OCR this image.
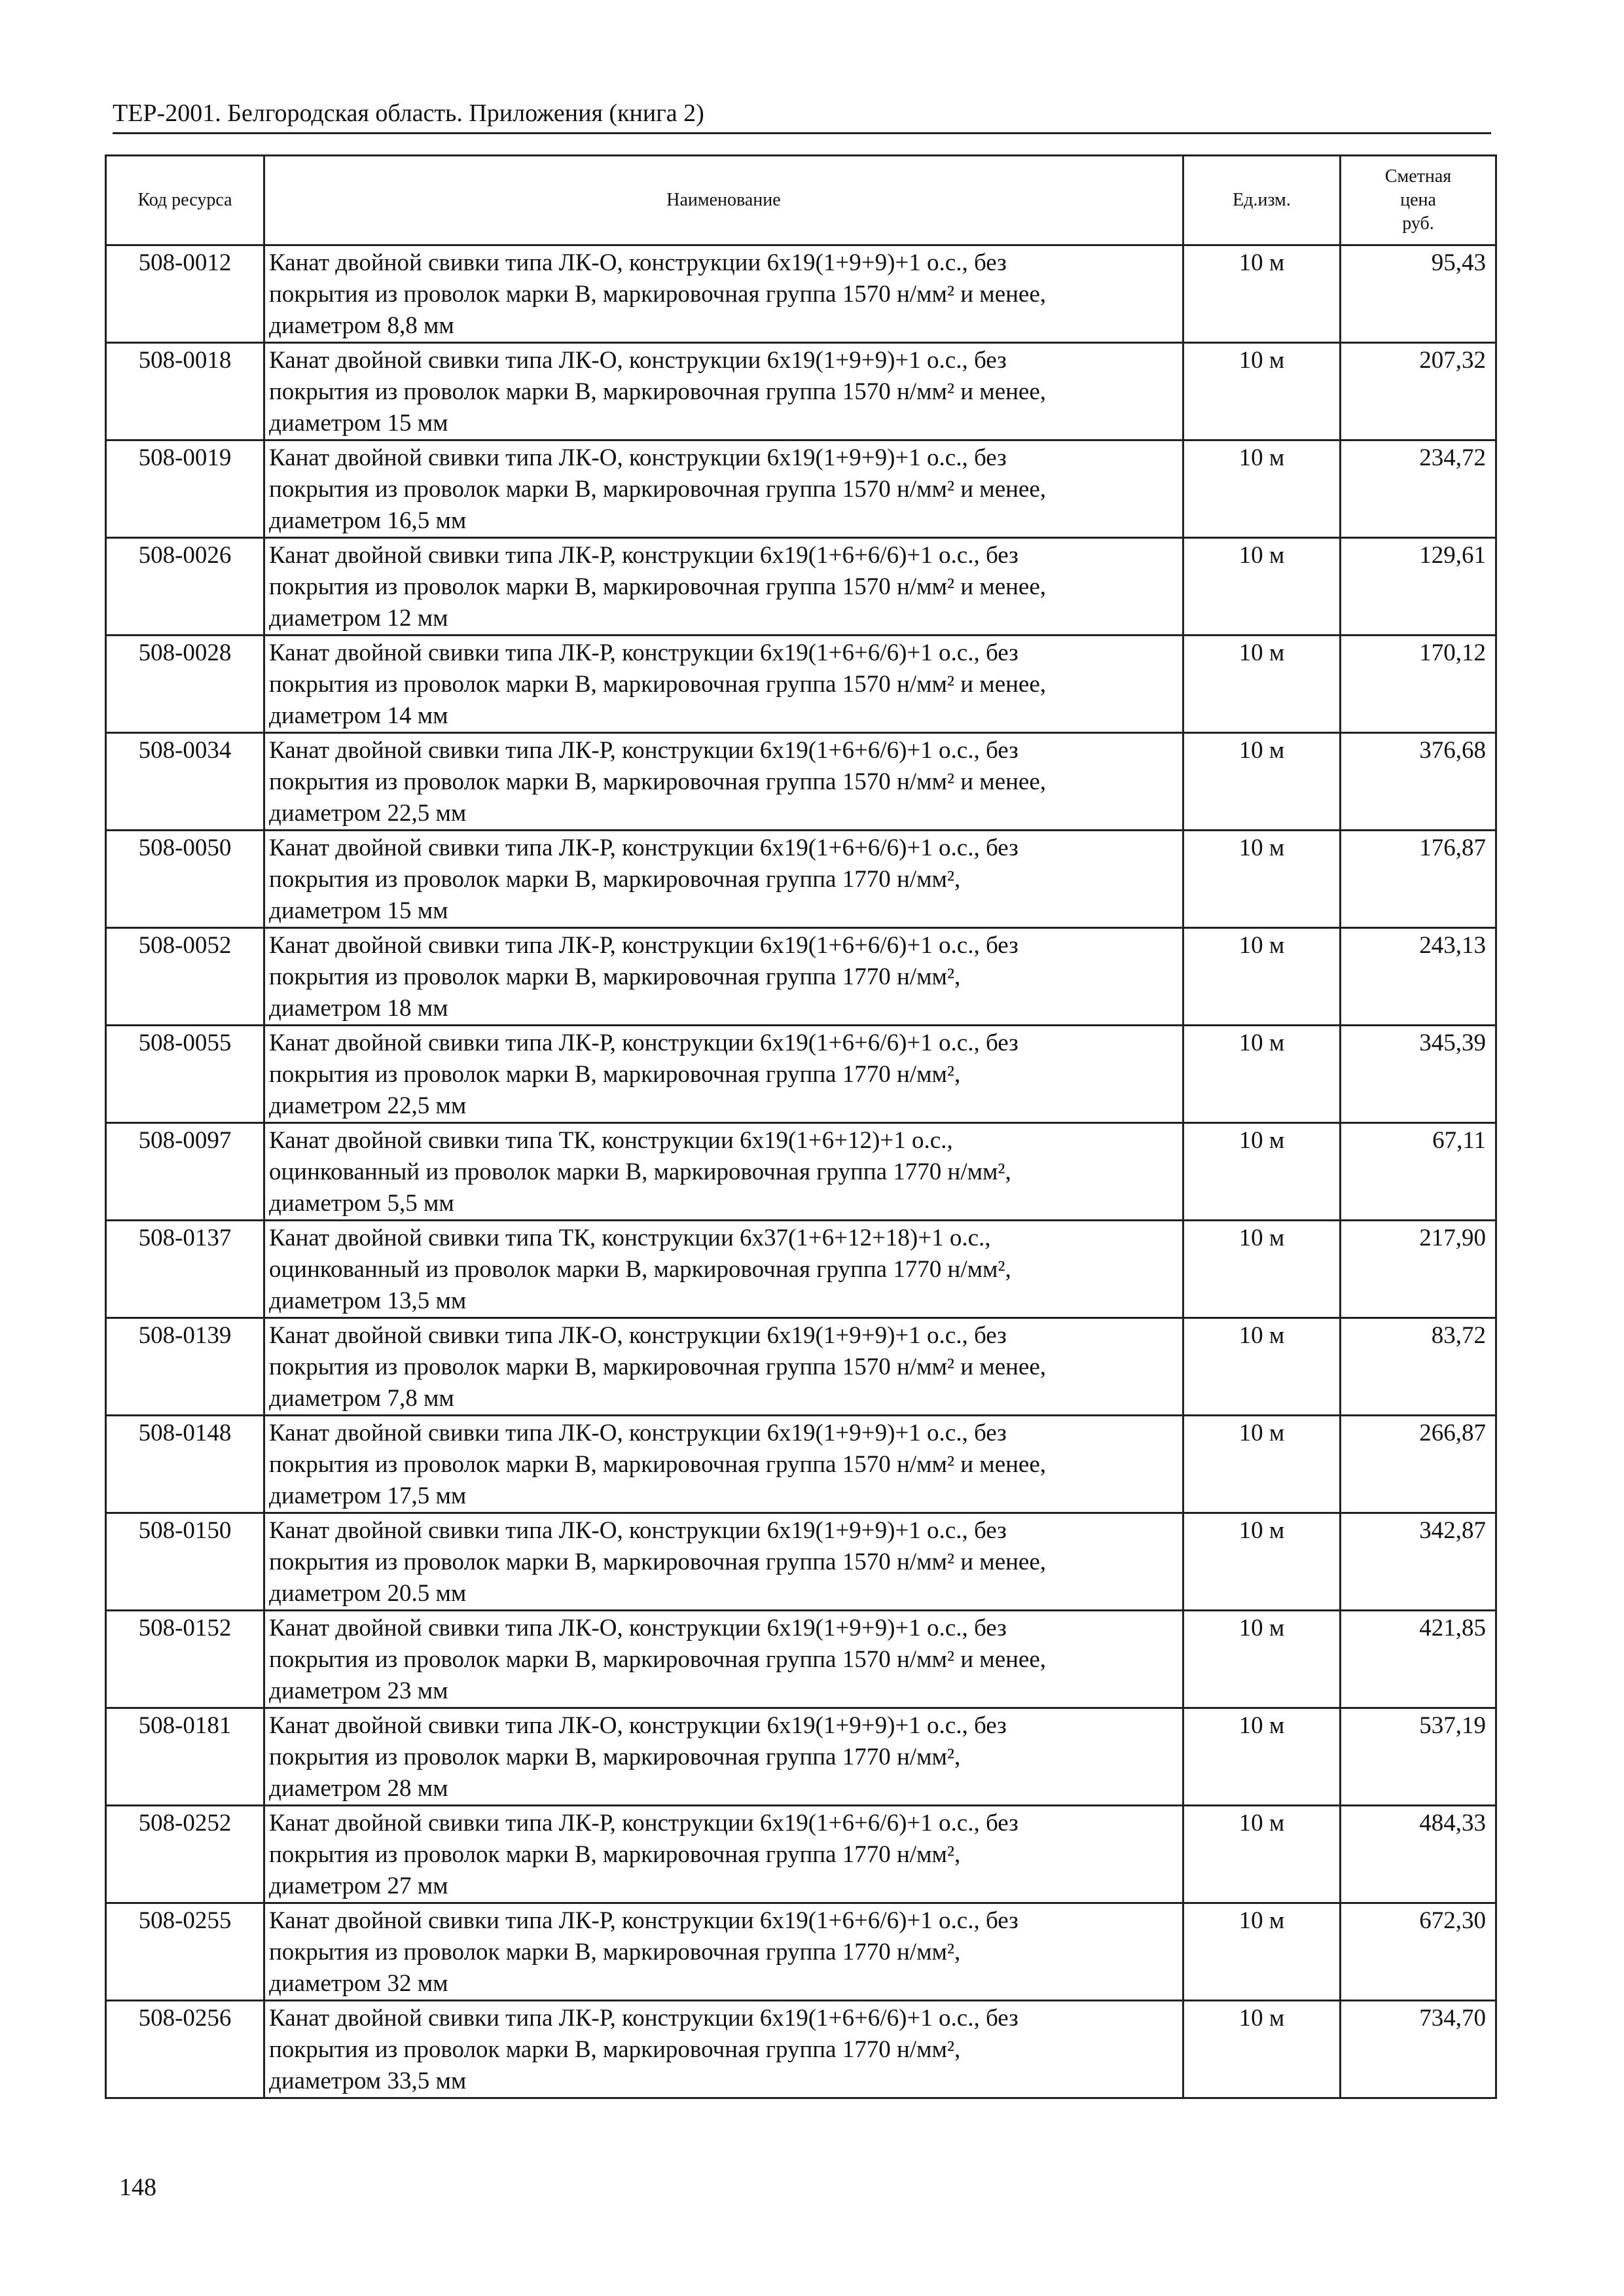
ТЕР-2001. Белгородская область. Приложения (книга 2)
Код ресурса	Наименование	Ед.изм.	Сметная
цена
руб.

508-0012	Канат двойной свивки типа ЛК-О, конструкции 6х19(1+9+9)+1 о.с., без
покрытия из проволок марки В, маркировочная группа 1570 н/мм² и менее,
диаметром 8,8 мм	10 м	95,43
508-0018	Канат двойной свивки типа ЛК-О, конструкции 6х19(1+9+9)+1 о.с., без
покрытия из проволок марки В, маркировочная группа 1570 н/мм² и менее,
диаметром 15 мм	10 м	207,32
508-0019	Канат двойной свивки типа ЛК-О, конструкции 6х19(1+9+9)+1 о.с., без
покрытия из проволок марки В, маркировочная группа 1570 н/мм² и менее,
диаметром 16,5 мм	10 м	234,72
508-0026	Канат двойной свивки типа ЛК-Р, конструкции 6х19(1+6+6/6)+1 о.с., без
покрытия из проволок марки В, маркировочная группа 1570 н/мм² и менее,
диаметром 12 мм	10 м	129,61
508-0028	Канат двойной свивки типа ЛК-Р, конструкции 6х19(1+6+6/6)+1 о.с., без
покрытия из проволок марки В, маркировочная группа 1570 н/мм² и менее,
диаметром 14 мм	10 м	170,12
508-0034	Канат двойной свивки типа ЛК-Р, конструкции 6х19(1+6+6/6)+1 о.с., без
покрытия из проволок марки В, маркировочная группа 1570 н/мм² и менее,
диаметром 22,5 мм	10 м	376,68
508-0050	Канат двойной свивки типа ЛК-Р, конструкции 6х19(1+6+6/6)+1 о.с., без
покрытия из проволок марки В, маркировочная группа 1770 н/мм²,
диаметром 15 мм	10 м	176,87
508-0052	Канат двойной свивки типа ЛК-Р, конструкции 6х19(1+6+6/6)+1 о.с., без
покрытия из проволок марки В, маркировочная группа 1770 н/мм²,
диаметром 18 мм	10 м	243,13
508-0055	Канат двойной свивки типа ЛК-Р, конструкции 6х19(1+6+6/6)+1 о.с., без
покрытия из проволок марки В, маркировочная группа 1770 н/мм²,
диаметром 22,5 мм	10 м	345,39
508-0097	Канат двойной свивки типа ТК, конструкции 6х19(1+6+12)+1 о.с.,
оцинкованный из проволок марки В, маркировочная группа 1770 н/мм²,
диаметром 5,5 мм	10 м	67,11
508-0137	Канат двойной свивки типа ТК, конструкции 6х37(1+6+12+18)+1 о.с.,
оцинкованный из проволок марки В, маркировочная группа 1770 н/мм²,
диаметром 13,5 мм	10 м	217,90
508-0139	Канат двойной свивки типа ЛК-О, конструкции 6х19(1+9+9)+1 о.с., без
покрытия из проволок марки В, маркировочная группа 1570 н/мм² и менее,
диаметром 7,8 мм	10 м	83,72
508-0148	Канат двойной свивки типа ЛК-О, конструкции 6х19(1+9+9)+1 о.с., без
покрытия из проволок марки В, маркировочная группа 1570 н/мм² и менее,
диаметром 17,5 мм	10 м	266,87
508-0150	Канат двойной свивки типа ЛК-О, конструкции 6х19(1+9+9)+1 о.с., без
покрытия из проволок марки В, маркировочная группа 1570 н/мм² и менее,
диаметром 20.5 мм	10 м	342,87
508-0152	Канат двойной свивки типа ЛК-О, конструкции 6х19(1+9+9)+1 о.с., без
покрытия из проволок марки В, маркировочная группа 1570 н/мм² и менее,
диаметром 23 мм	10 м	421,85
508-0181	Канат двойной свивки типа ЛК-О, конструкции 6х19(1+9+9)+1 о.с., без
покрытия из проволок марки В, маркировочная группа 1770 н/мм²,
диаметром 28 мм	10 м	537,19
508-0252	Канат двойной свивки типа ЛК-Р, конструкции 6х19(1+6+6/6)+1 о.с., без
покрытия из проволок марки В, маркировочная группа 1770 н/мм²,
диаметром 27 мм	10 м	484,33
508-0255	Канат двойной свивки типа ЛК-Р, конструкции 6х19(1+6+6/6)+1 о.с., без
покрытия из проволок марки В, маркировочная группа 1770 н/мм²,
диаметром 32 мм	10 м	672,30
508-0256	Канат двойной свивки типа ЛК-Р, конструкции 6х19(1+6+6/6)+1 о.с., без
покрытия из проволок марки В, маркировочная группа 1770 н/мм²,
диаметром 33,5 мм	10 м	734,70
148
